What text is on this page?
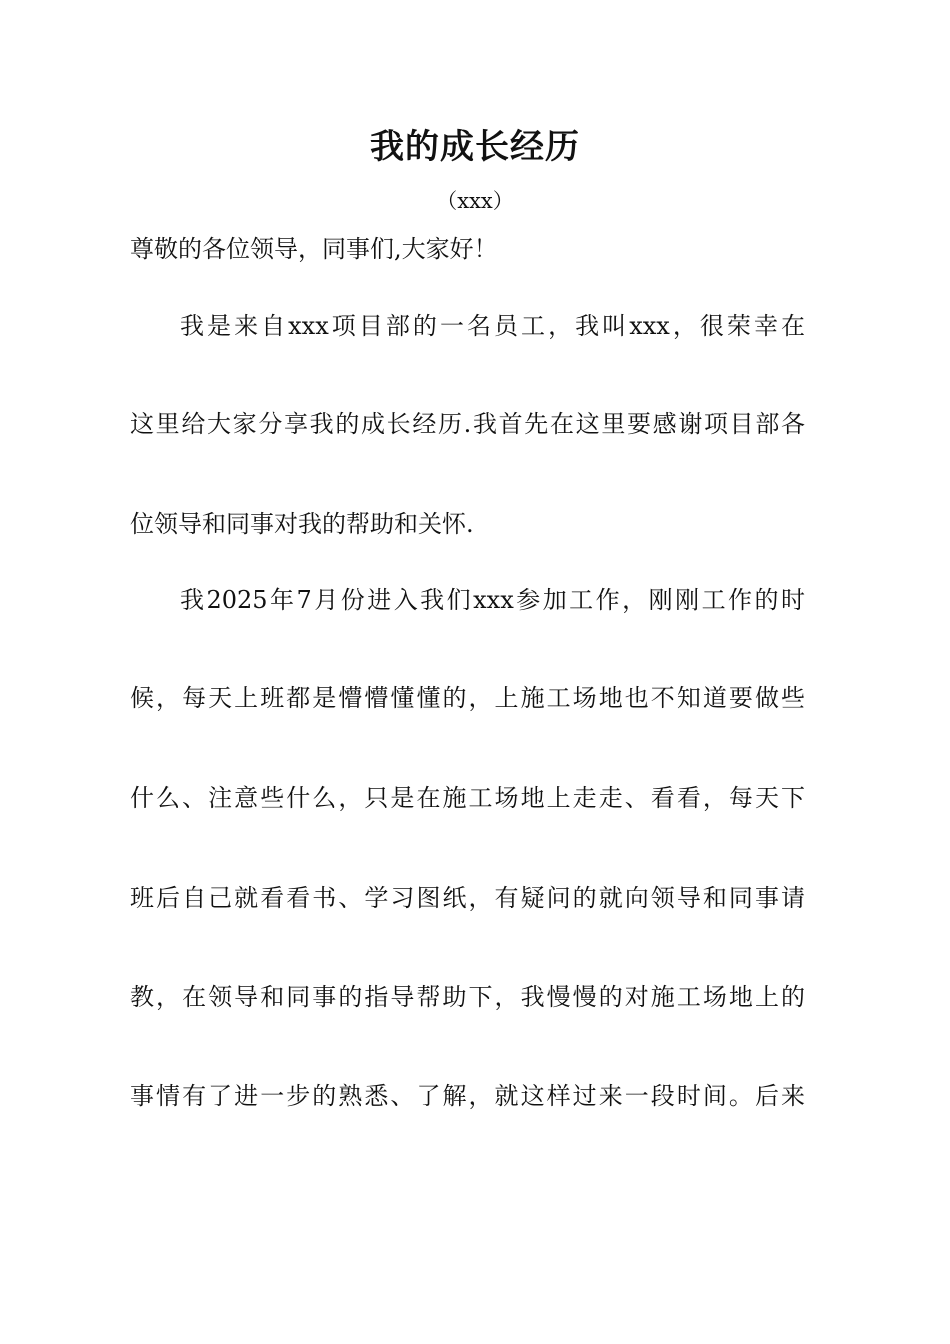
我的成长经历
（xxx）
尊敬的各位领导，同事们,大家好！
我是来自xxx项目部的一名员工，我叫xxx，很荣幸在
这里给大家分享我的成长经历.我首先在这里要感谢项目部各
位领导和同事对我的帮助和关怀.
我2025年7月份进入我们xxx参加工作，刚刚工作的时
候，每天上班都是懵懵懂懂的，上施工场地也不知道要做些
什么、注意些什么，只是在施工场地上走走、看看，每天下
班后自己就看看书、学习图纸，有疑问的就向领导和同事请
教，在领导和同事的指导帮助下，我慢慢的对施工场地上的
事情有了进一步的熟悉、了解，就这样过来一段时间。后来
